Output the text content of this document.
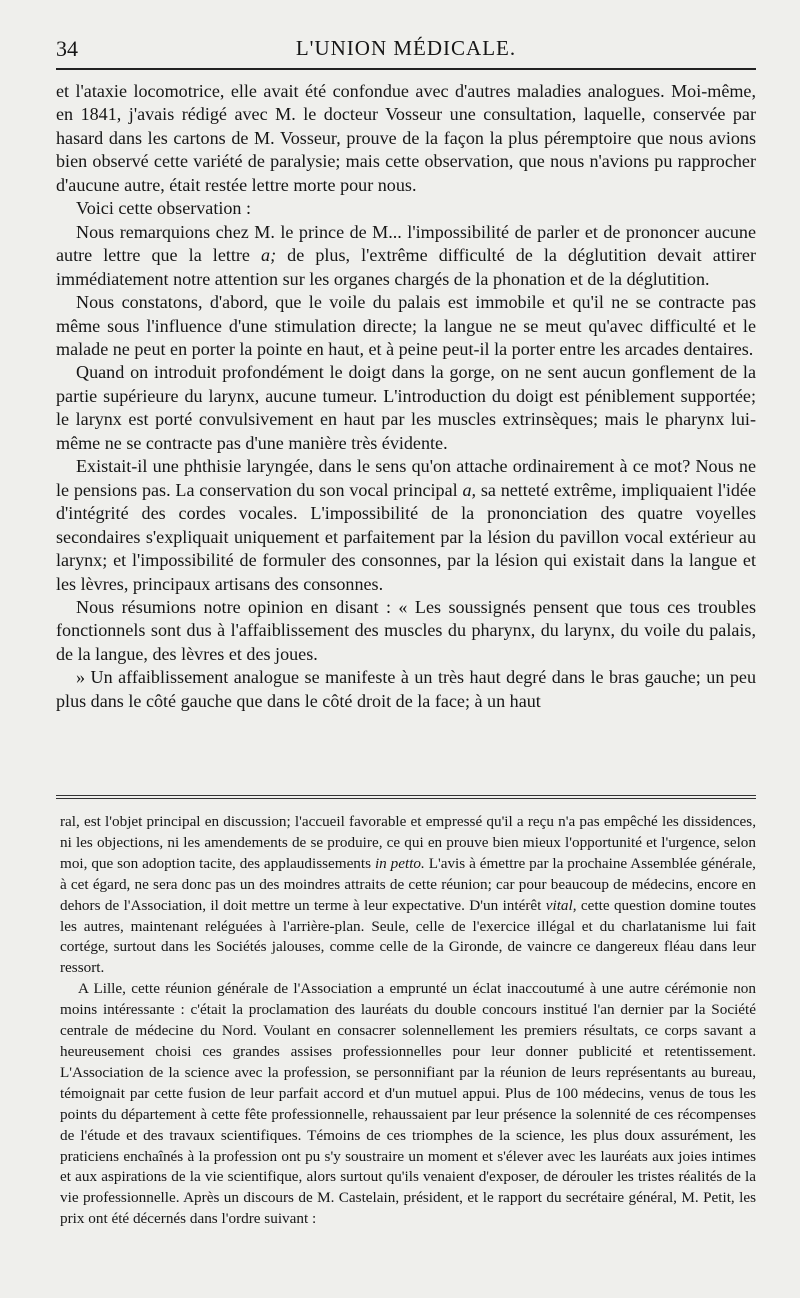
34	L'UNION MÉDICALE.

et l'ataxie locomotrice, elle avait été confondue avec d'autres maladies analogues. Moi-même, en 1841, j'avais rédigé avec M. le docteur Vosseur une consultation, laquelle, conservée par hasard dans les cartons de M. Vosseur, prouve de la façon la plus péremptoire que nous avions bien observé cette variété de paralysie; mais cette observation, que nous n'avions pu rapprocher d'aucune autre, était restée lettre morte pour nous.

Voici cette observation :

Nous remarquions chez M. le prince de M... l'impossibilité de parler et de prononcer aucune autre lettre que la lettre a; de plus, l'extrême difficulté de la déglutition devait attirer immédiatement notre attention sur les organes chargés de la phonation et de la déglutition.

Nous constatons, d'abord, que le voile du palais est immobile et qu'il ne se contracte pas même sous l'influence d'une stimulation directe; la langue ne se meut qu'avec difficulté et le malade ne peut en porter la pointe en haut, et à peine peut-il la porter entre les arcades dentaires.

Quand on introduit profondément le doigt dans la gorge, on ne sent aucun gonflement de la partie supérieure du larynx, aucune tumeur. L'introduction du doigt est péniblement supportée; le larynx est porté convulsivement en haut par les muscles extrinsèques; mais le pharynx lui-même ne se contracte pas d'une manière très évidente.

Existait-il une phthisie laryngée, dans le sens qu'on attache ordinairement à ce mot? Nous ne le pensions pas. La conservation du son vocal principal a, sa netteté extrême, impliquaient l'idée d'intégrité des cordes vocales. L'impossibilité de la prononciation des quatre voyelles secondaires s'expliquait uniquement et parfaitement par la lésion du pavillon vocal extérieur au larynx; et l'impossibilité de formuler des consonnes, par la lésion qui existait dans la langue et les lèvres, principaux artisans des consonnes.

Nous résumions notre opinion en disant : « Les soussignés pensent que tous ces troubles fonctionnels sont dus à l'affaiblissement des muscles du pharynx, du larynx, du voile du palais, de la langue, des lèvres et des joues.

» Un affaiblissement analogue se manifeste à un très haut degré dans le bras gauche; un peu plus dans le côté gauche que dans le côté droit de la face; à un haut

ral, est l'objet principal en discussion; l'accueil favorable et empressé qu'il a reçu n'a pas empêché les dissidences, ni les objections, ni les amendements de se produire, ce qui en prouve bien mieux l'opportunité et l'urgence, selon moi, que son adoption tacite, des applaudissements in petto. L'avis à émettre par la prochaine Assemblée générale, à cet égard, ne sera donc pas un des moindres attraits de cette réunion; car pour beaucoup de médecins, encore en dehors de l'Association, il doit mettre un terme à leur expectative. D'un intérêt vital, cette question domine toutes les autres, maintenant reléguées à l'arrière-plan. Seule, celle de l'exercice illégal et du charlatanisme lui fait cortége, surtout dans les Sociétés jalouses, comme celle de la Gironde, de vaincre ce dangereux fléau dans leur ressort.

A Lille, cette réunion générale de l'Association a emprunté un éclat inaccoutumé à une autre cérémonie non moins intéressante : c'était la proclamation des lauréats du double concours institué l'an dernier par la Société centrale de médecine du Nord. Voulant en consacrer solennellement les premiers résultats, ce corps savant a heureusement choisi ces grandes assises professionnelles pour leur donner publicité et retentissement. L'Association de la science avec la profession, se personnifiant par la réunion de leurs représentants au bureau, témoignait par cette fusion de leur parfait accord et d'un mutuel appui. Plus de 100 médecins, venus de tous les points du département à cette fête professionnelle, rehaussaient par leur présence la solennité de ces récompenses de l'étude et des travaux scientifiques. Témoins de ces triomphes de la science, les plus doux assurément, les praticiens enchaînés à la profession ont pu s'y soustraire un moment et s'élever avec les lauréats aux joies intimes et aux aspirations de la vie scientifique, alors surtout qu'ils venaient d'exposer, de dérouler les tristes réalités de la vie professionnelle. Après un discours de M. Castelain, président, et le rapport du secrétaire général, M. Petit, les prix ont été décernés dans l'ordre suivant :
